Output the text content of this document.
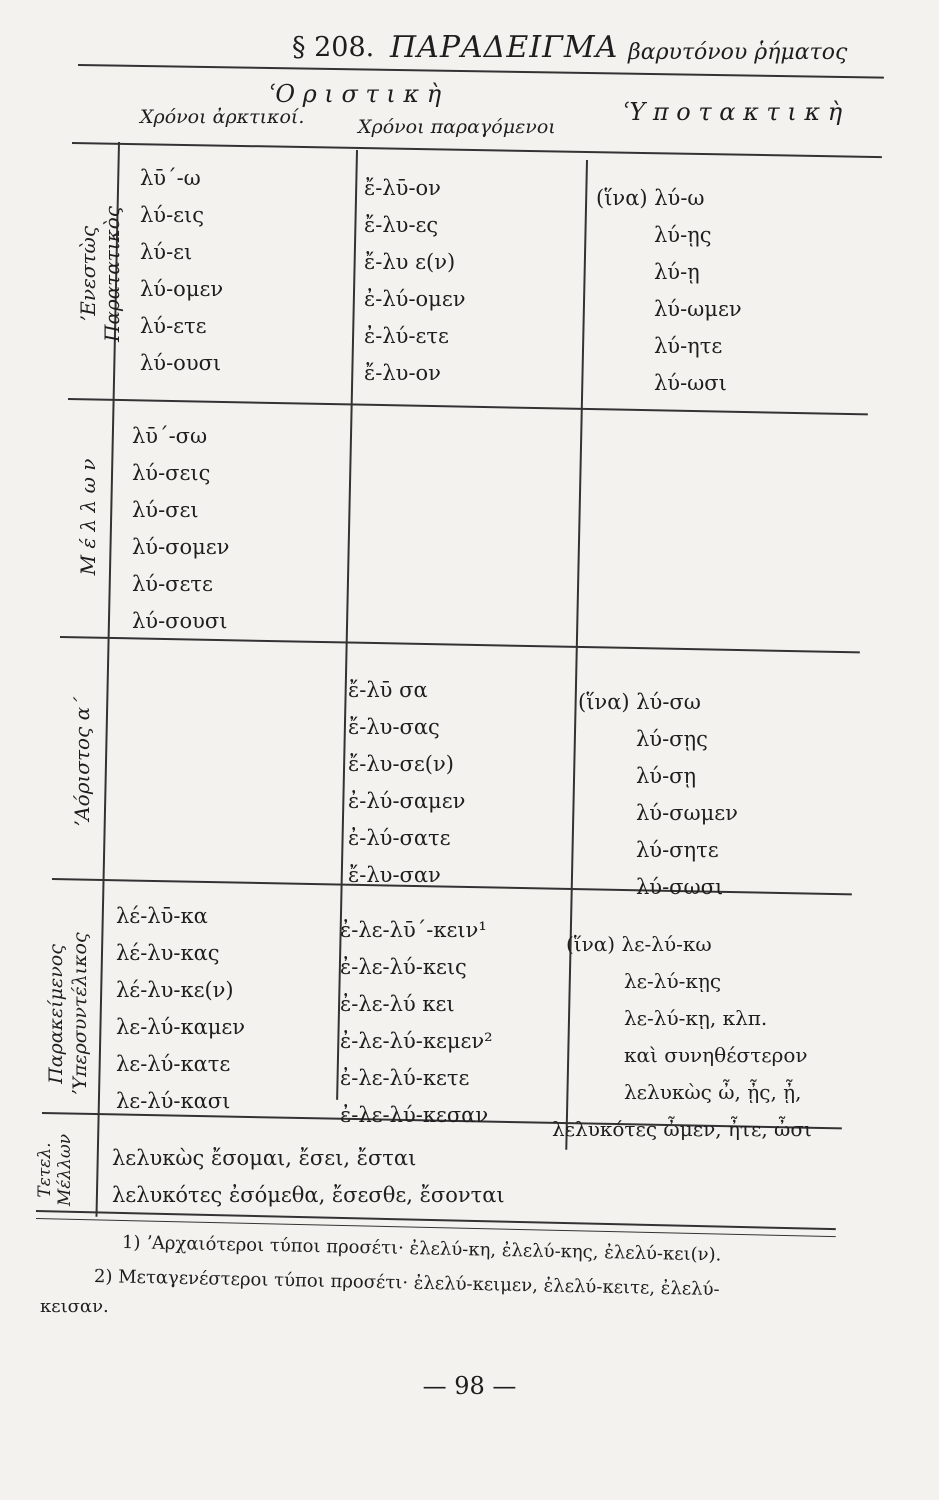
§ 208. ΠΑΡΑΔΕΙΓΜΑ βαρυτόνου ῥήματος
ʿΟ ρ ι σ τ ι κ ὴ
ʿΥ π ο τ α κ τ ι κ ὴ
Χρόνοι ἀρκτικοί.	Χρόνοι παραγόμενοι
ʼΕνεστὼς
Παρατατικὸς
Μ έ λ λ ω ν
ʼΑόριστος α΄
Παρακείμενος
ʼΥπερσυντέλικος
Τετελ.
Μέλλων
λῡ΄-ω
λύ-εις
λύ-ει
λύ-ομεν
λύ-ετε
λύ-ουσι
ἔ-λῡ-ον
ἔ-λυ-ες
ἔ-λυ ε(ν)
ἐ-λύ-ομεν
ἐ-λύ-ετε
ἔ-λυ-ον
(ἵνα) λύ-ω
λύ-ῃς
λύ-ῃ
λύ-ωμεν
λύ-ητε
λύ-ωσι
λῡ΄-σω
λύ-σεις
λύ-σει
λύ-σομεν
λύ-σετε
λύ-σουσι
ἔ-λῡ σα
ἔ-λυ-σας
ἔ-λυ-σε(ν)
ἐ-λύ-σαμεν
ἐ-λύ-σατε
ἔ-λυ-σαν
(ἵνα) λύ-σω
λύ-σῃς
λύ-σῃ
λύ-σωμεν
λύ-σητε
λύ-σωσι
λέ-λῡ-κα
λέ-λυ-κας
λέ-λυ-κε(ν)
λε-λύ-καμεν
λε-λύ-κατε
λε-λύ-κασι
ἐ-λε-λῡ΄-κειν¹
ἐ-λε-λύ-κεις
ἐ-λε-λύ κει
ἐ-λε-λύ-κεμεν²
ἐ-λε-λύ-κετε
ἐ-λε-λύ-κεσαν
(ἵνα) λε-λύ-κω
λε-λύ-κῃς
λε-λύ-κῃ, κλπ.
καὶ συνηθέστερον
λελυκὼς ὦ, ᾖς, ᾖ,
λελυκότες ὦμεν, ἦτε, ὦσι
λελυκὼς ἔσομαι, ἔσει, ἔσται
λελυκότες ἐσόμεθα, ἔσεσθε, ἔσονται
1) ʼΑρχαιότεροι τύποι προσέτι· ἐλελύ-κη, ἐλελύ-κης, ἐλελύ-κει(ν).
2) Μεταγενέστεροι τύποι προσέτι· ἐλελύ-κειμεν, ἐλελύ-κειτε, ἐλελύ-
κεισαν.
— 98 —
